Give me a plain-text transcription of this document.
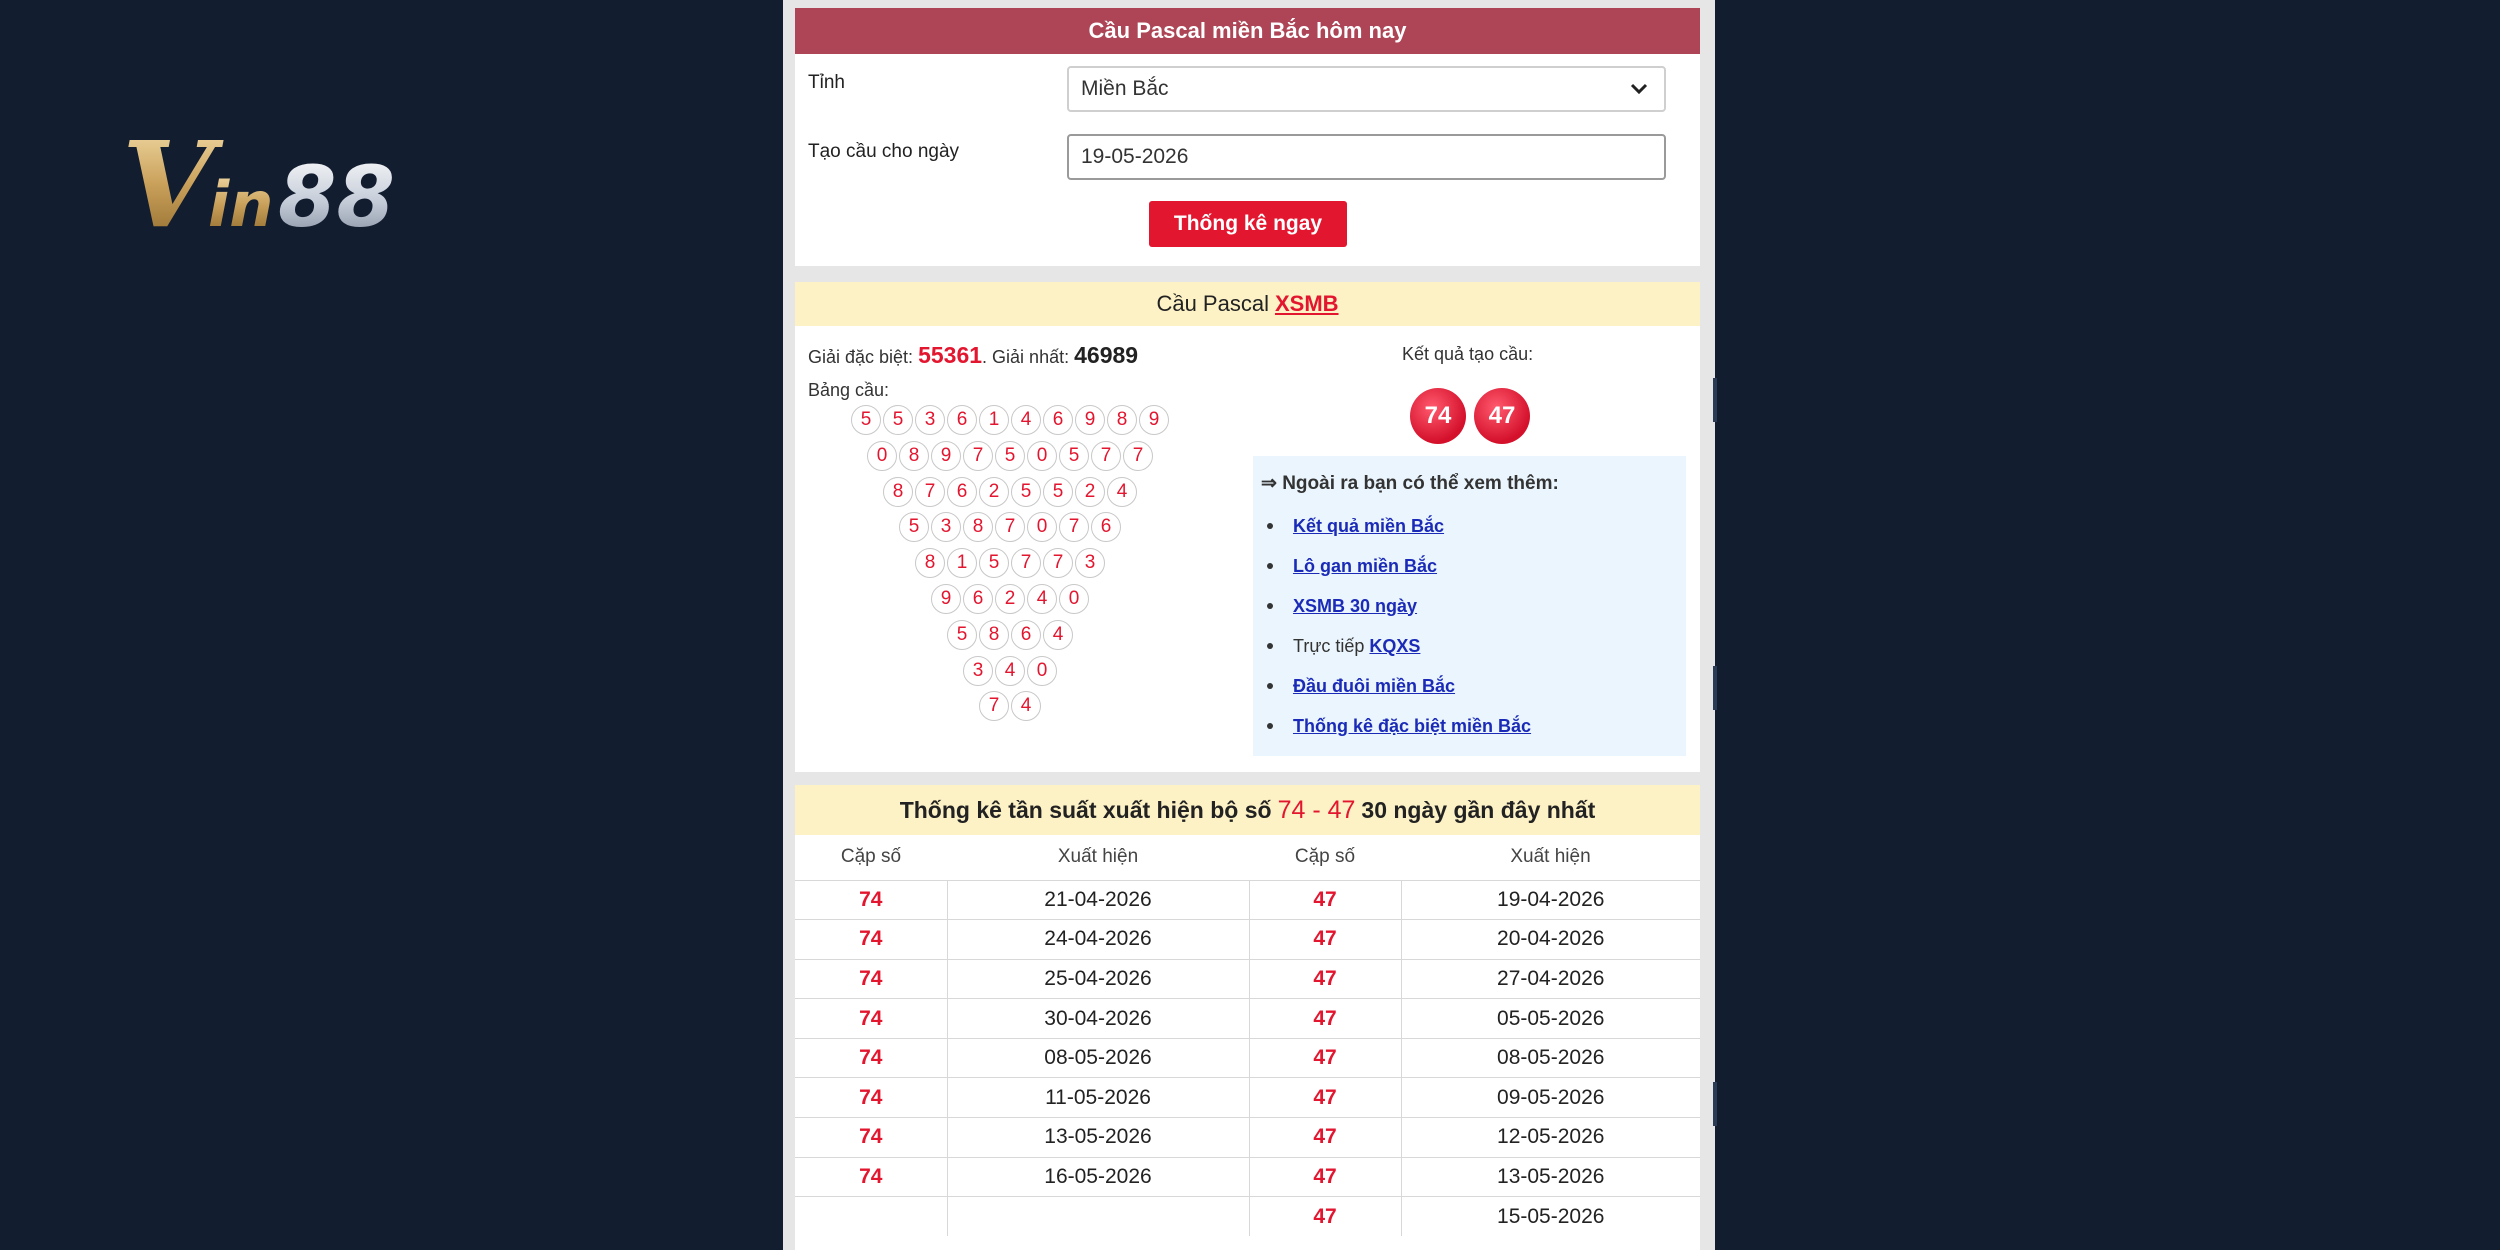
V
in 88
Cầu Pascal miền Bắc hôm nay
Tỉnh	Miền Bắc
Tạo cầu cho ngày	19-05-2026
Thống kê ngay
Cầu Pascal XSMB
Giải đặc biệt: 55361. Giải nhất: 46989
Bảng cầu:
Kết quả tạo cầu:
74	47
5	5	3	6	1	4	6	9	8	9
0	8	9	7	5	0	5	7	7
8	7	6	2	5	5	2	4
5	3	8	7	0	7	6
8	1	5	7	7	3
9	6	2	4	0
5	8	6	4
3	4	0
7	4
⇒ Ngoài ra bạn có thể xem thêm:
Kết quả miền Bắc
Lô gan miền Bắc
XSMB 30 ngày
Trực tiếp KQXS
Đầu đuôi miền Bắc
Thống kê đặc biệt miền Bắc
Thống kê tần suất xuất hiện bộ số 74 - 47 30 ngày gần đây nhất
Cặp số	Xuất hiện	Cặp số	Xuất hiện
74	21-04-2026	47	19-04-2026
74	24-04-2026	47	20-04-2026
74	25-04-2026	47	27-04-2026
74	30-04-2026	47	05-05-2026
74	08-05-2026	47	08-05-2026
74	11-05-2026	47	09-05-2026
74	13-05-2026	47	12-05-2026
74	16-05-2026	47	13-05-2026
		47	15-05-2026
